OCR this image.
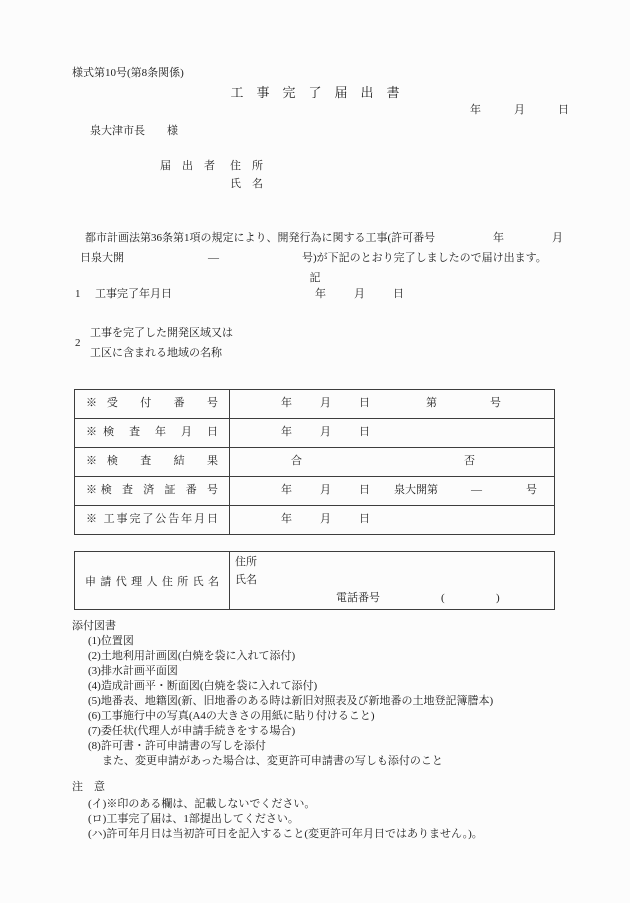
様式第10号(第8条関係)
工　事　完　了　届　出　書
年　　　月　　　日
泉大津市長　　様
届　出　者 住　所
氏　名
都市計画法第36条第1項の規定により、開発行為に関する工事(許可番号	年	月
日泉大開	—	号)が下記のとおり完了しましたので届け出ます。
記
1 工事完了年月日	年　　月　　日
2
工事を完了した開発区域又は
工区に含まれる地域の名称
※受 付 番 号	年　　月　　日	第	号
※検 査 年 月 日	年　　月　　日
※検 査 結 果	合	否
※検 査 済 証 番 号	年　　月　　日 泉大開第	—	号
※ 工事完了公告年月日	年　　月　　日
申 請 代 理 人 住 所 氏 名
住所
氏名
電話番号	(	)
添付図書
(1)位置図
(2)土地利用計画図(白焼を袋に入れて添付)
(3)排水計画平面図
(4)造成計画平・断面図(白焼を袋に入れて添付)
(5)地番表、地籍図(新、旧地番のある時は新旧対照表及び新地番の土地登記簿謄本)
(6)工事施行中の写真(A4の大きさの用紙に貼り付けること)
(7)委任状(代理人が申請手続きをする場合)
(8)許可書・許可申請書の写しを添付
また、変更申請があった場合は、変更許可申請書の写しも添付のこと
注　意
(イ)※印のある欄は、記載しないでください。
(ロ)工事完了届は、1部提出してください。
(ハ)許可年月日は当初許可日を記入すること(変更許可年月日ではありません。)。
